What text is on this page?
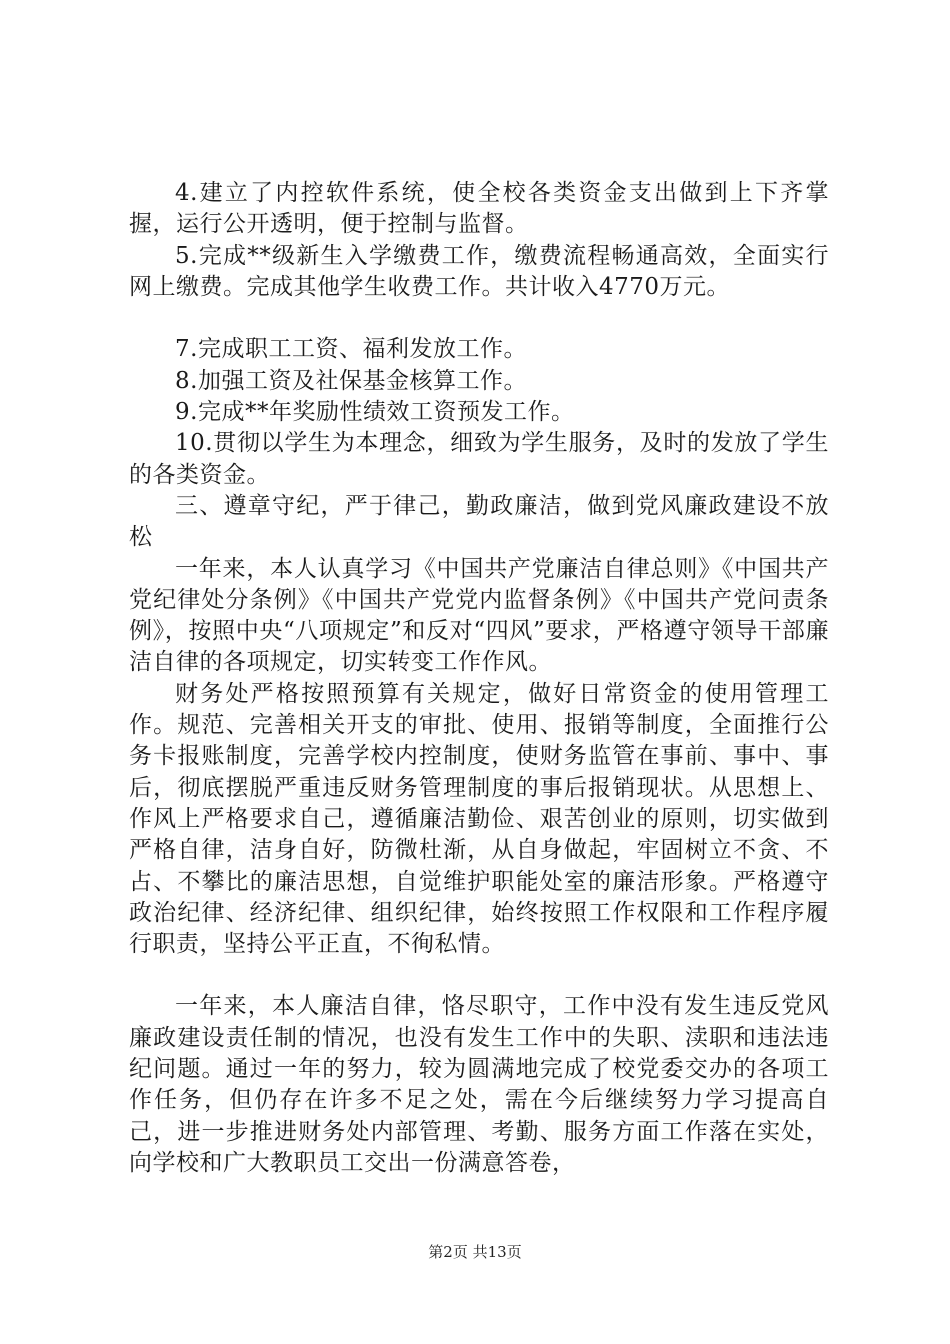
4.建立了内控软件系统，使全校各类资金支出做到上下齐掌握，运行公开透明，便于控制与监督。

5.完成**级新生入学缴费工作，缴费流程畅通高效，全面实行网上缴费。完成其他学生收费工作。共计收入4770万元。

7.完成职工工资、福利发放工作。

8.加强工资及社保基金核算工作。

9.完成**年奖励性绩效工资预发工作。

10.贯彻以学生为本理念，细致为学生服务，及时的发放了学生的各类资金。

三、遵章守纪，严于律己，勤政廉洁，做到党风廉政建设不放松

一年来，本人认真学习《中国共产党廉洁自律总则》《中国共产党纪律处分条例》《中国共产党党内监督条例》《中国共产党问责条例》，按照中央“八项规定”和反对“四风”要求，严格遵守领导干部廉洁自律的各项规定，切实转变工作作风。

财务处严格按照预算有关规定，做好日常资金的使用管理工作。规范、完善相关开支的审批、使用、报销等制度，全面推行公务卡报账制度，完善学校内控制度，使财务监管在事前、事中、事后，彻底摆脱严重违反财务管理制度的事后报销现状。从思想上、作风上严格要求自己，遵循廉洁勤俭、艰苦创业的原则，切实做到严格自律，洁身自好，防微杜渐，从自身做起，牢固树立不贪、不占、不攀比的廉洁思想，自觉维护职能处室的廉洁形象。严格遵守政治纪律、经济纪律、组织纪律，始终按照工作权限和工作程序履行职责，坚持公平正直，不徇私情。

一年来，本人廉洁自律，恪尽职守，工作中没有发生违反党风廉政建设责任制的情况，也没有发生工作中的失职、渎职和违法违纪问题。通过一年的努力，较为圆满地完成了校党委交办的各项工作任务，但仍存在许多不足之处，需在今后继续努力学习提高自己，进一步推进财务处内部管理、考勤、服务方面工作落在实处，向学校和广大教职员工交出一份满意答卷，

第2页 共13页
